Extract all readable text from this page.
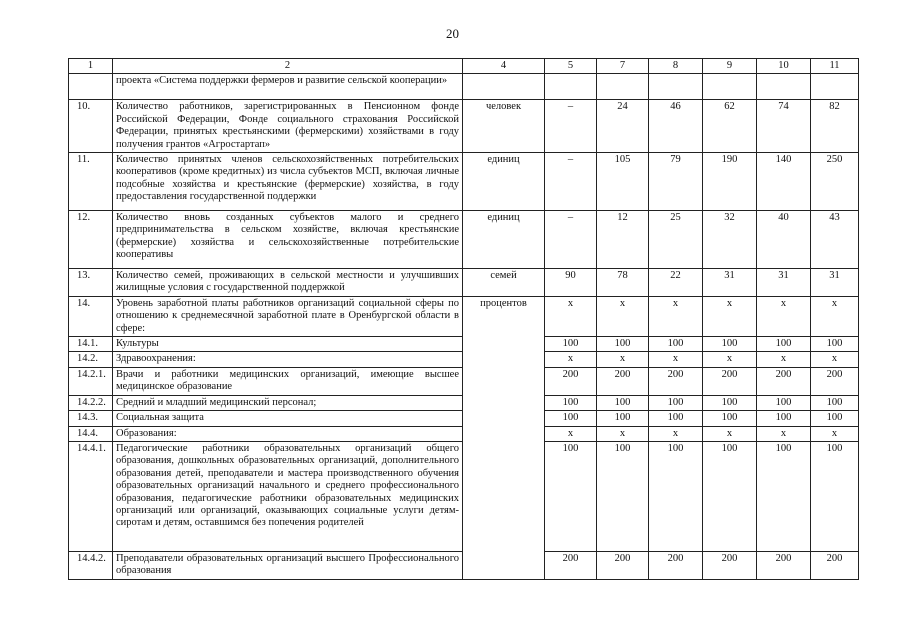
20
1	2	4	5	7	8	9	10	11
	проекта «Система поддержки фермеров и развитие сельской кооперации»							
10.	Количество работников, зарегистрированных в Пенсионном фонде Российской Федерации, Фонде социального страхования Российской Федерации, принятых крестьянскими (фермерскими) хозяйствами в году получения грантов «Агростартап»	человек	–	24	46	62	74	82
11.	Количество принятых членов сельскохозяйственных потребительских кооперативов (кроме кредитных) из числа субъектов МСП, включая личные подсобные хозяйства и крестьянские (фермерские) хозяйства, в году предоставления государственной поддержки	единиц	–	105	79	190	140	250
12.	Количество вновь созданных субъектов малого и среднего предпринимательства в сельском хозяйстве, включая крестьянские (фермерские) хозяйства и сельскохозяйственные потребительские кооперативы	единиц	–	12	25	32	40	43
13.	Количество семей, проживающих в сельской местности и улучшивших жилищные условия с государственной поддержкой	семей	90	78	22	31	31	31
14.	Уровень заработной платы работников организаций социальной сферы по отношению к среднемесячной заработной плате в Оренбургской области в сфере:	процентов	x	x	x	x	x	x
14.1.	Культуры		100	100	100	100	100	100
14.2.	Здравоохранения:		x	x	x	x	x	x
14.2.1.	Врачи и работники медицинских организаций, имеющие высшее медицинское образование		200	200	200	200	200	200
14.2.2.	Средний и младший медицинский персонал;		100	100	100	100	100	100
14.3.	Социальная защита		100	100	100	100	100	100
14.4.	Образования:		x	x	x	x	x	x
14.4.1.	Педагогические работники образовательных организаций общего образования, дошкольных образовательных организаций, дополнительного образования детей, преподаватели и мастера производственного обучения образовательных организаций начального и среднего профессионального образования, педагогические работники образовательных медицинских организаций или организаций, оказывающих социальные услуги детям-сиротам и детям, оставшимся без попечения родителей		100	100	100	100	100	100
14.4.2.	Преподаватели образовательных организаций высшего Профессионального образования		200	200	200	200	200	200
